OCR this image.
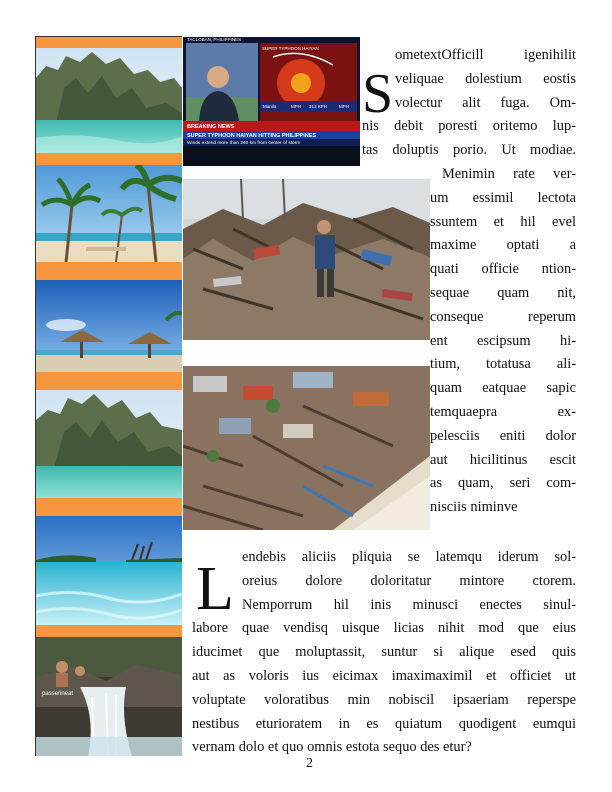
passerineat
TACLOBAN, PHILIPPINES
SUPER TYPHOON HAIYAN
Manila	MPH 313 KPH	MPH
BREAKING NEWS
SUPER TYPHOON HAIYAN HITTING PHILIPPINES
Winds extend more than 240 km from center of storm
S
ometextOfficill igenihilit
veliquae dolestium eostis
volectur alit fuga. Om-
nis debit poresti oritemo lup-
tas doluptis porio. Ut modiae.
Menimin rate ver-
um essimil lectota
ssuntem et hil evel
maxime optati a
quati officie ntion-
sequae quam nit,
conseque reperum
ent escipsum hi-
tium, totatusa ali-
quam eatquae sapic
temquaepra ex-
pelesciis eniti dolor
aut hicilitinus escit
as quam, seri com-
nisciis niminve
L endebis aliciis pliquia se latemqu iderum sol-
oreius dolore doloritatur mintore ctorem.
Nemporrum hil inis minusci enectes sinul-
labore quae vendisq uisque licias nihit mod que eius
iducimet que moluptassit, suntur si alique esed quis
aut as voloris ius eicimax imaximaximil et officiet ut
voluptate voloratibus min nobiscil ipsaeriam reperspe
nestibus eturioratem in es quiatum quodigent eumqui
vernam dolo et quo omnis estota sequo des etur?
2
